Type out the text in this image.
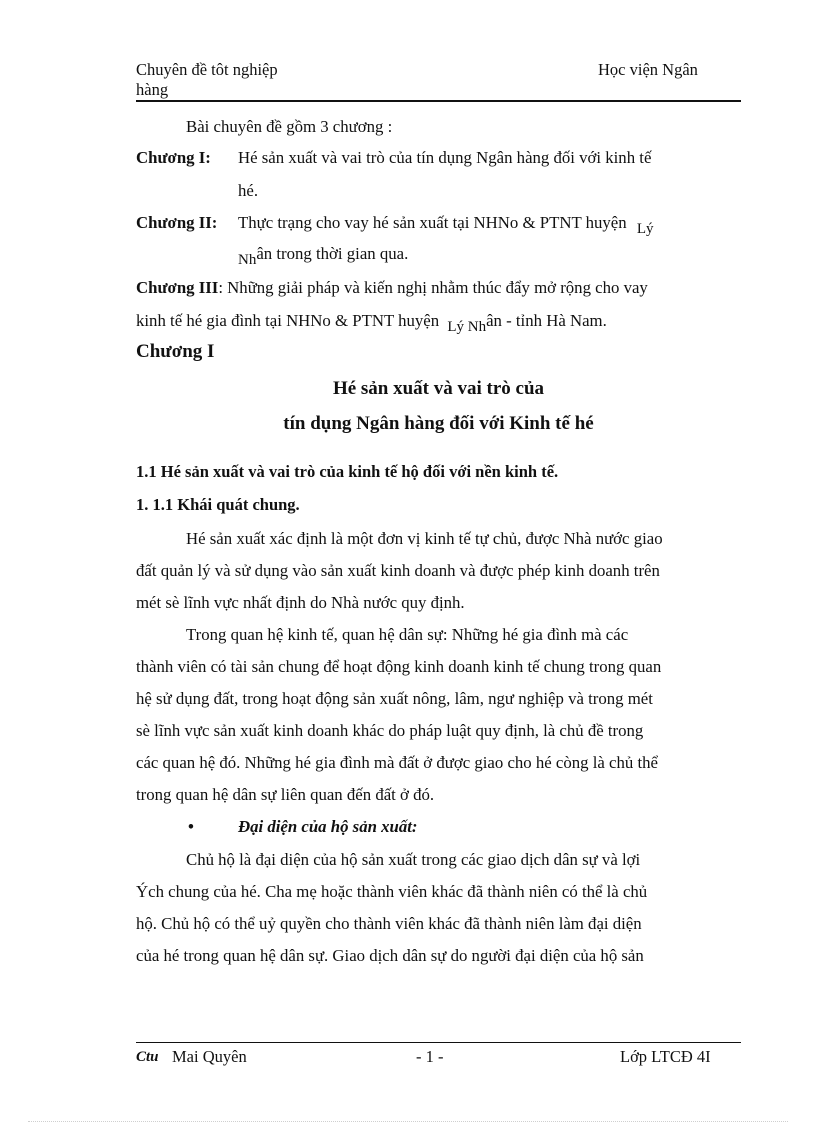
Chuyên đề tôt nghiệp
hàng
Học viện Ngân
Bài chuyên đề gồm 3 chương :
Chương I: Hé sản xuất và vai trò của tín dụng Ngân hàng đối với kinh tế
hé.
Chương II: Thực trạng cho vay hé sản xuất tại NHNo & PTNT huyện Lý
Nhân trong thời gian qua.
Chương III: Những giải pháp và kiến nghị nhằm thúc đẩy mở rộng cho vay
kinh tế hé gia đình tại NHNo & PTNT huyện Lý Nhân - tỉnh Hà Nam.
Chương I
Hé sản xuất và vai trò của
tín dụng Ngân hàng đối với Kinh tế hé
1.1 Hé sản xuất và vai trò của kinh tế hộ đối với nền kinh tế.
1. 1.1 Khái quát chung.
Hé sản xuất xác định là một đơn vị kinh tế tự chủ, được Nhà nước giao
đất quản lý và sử dụng vào sản xuất kinh doanh và được phép kinh doanh trên
mét sè lĩnh vực nhất định do Nhà nước quy định.
Trong quan hệ kinh tế, quan hệ dân sự: Những hé gia đình mà các
thành viên có tài sản chung để hoạt động kinh doanh kinh tế chung trong quan
hệ sử dụng đất, trong hoạt động sản xuất nông, lâm, ngư nghiệp và trong mét
sè lĩnh vực sản xuất kinh doanh khác do pháp luật quy định, là chủ đề trong
các quan hệ đó. Những hé gia đình mà đất ở được giao cho hé còng là chủ thể
trong quan hệ dân sự liên quan đến đất ở đó.
•	Đại diện của hộ sản xuất:
Chủ hộ là đại diện của hộ sản xuất trong các giao dịch dân sự và lợi
Ých chung của hé. Cha mẹ hoặc thành viên khác đã thành niên có thể là chủ
hộ. Chủ hộ có thể uỷ quyền cho thành viên khác đã thành niên làm đại diện
của hé trong quan hệ dân sự. Giao dịch dân sự do người đại diện của hộ sản
Ctu Mai Quyên	- 1 -	Lớp LTCĐ 4I
